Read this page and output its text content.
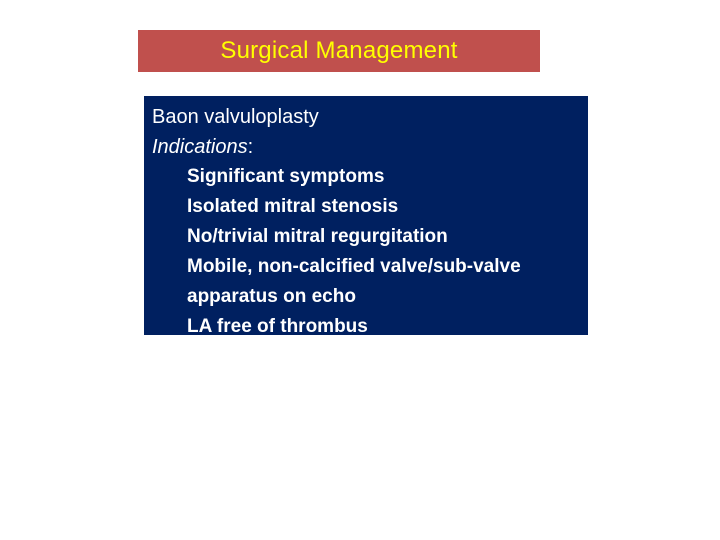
Surgical Management
Baon valvuloplasty
Indications:
Significant symptoms
Isolated mitral stenosis
No/trivial mitral regurgitation
Mobile, non-calcified valve/sub-valve
apparatus on echo
LA free of thrombus
